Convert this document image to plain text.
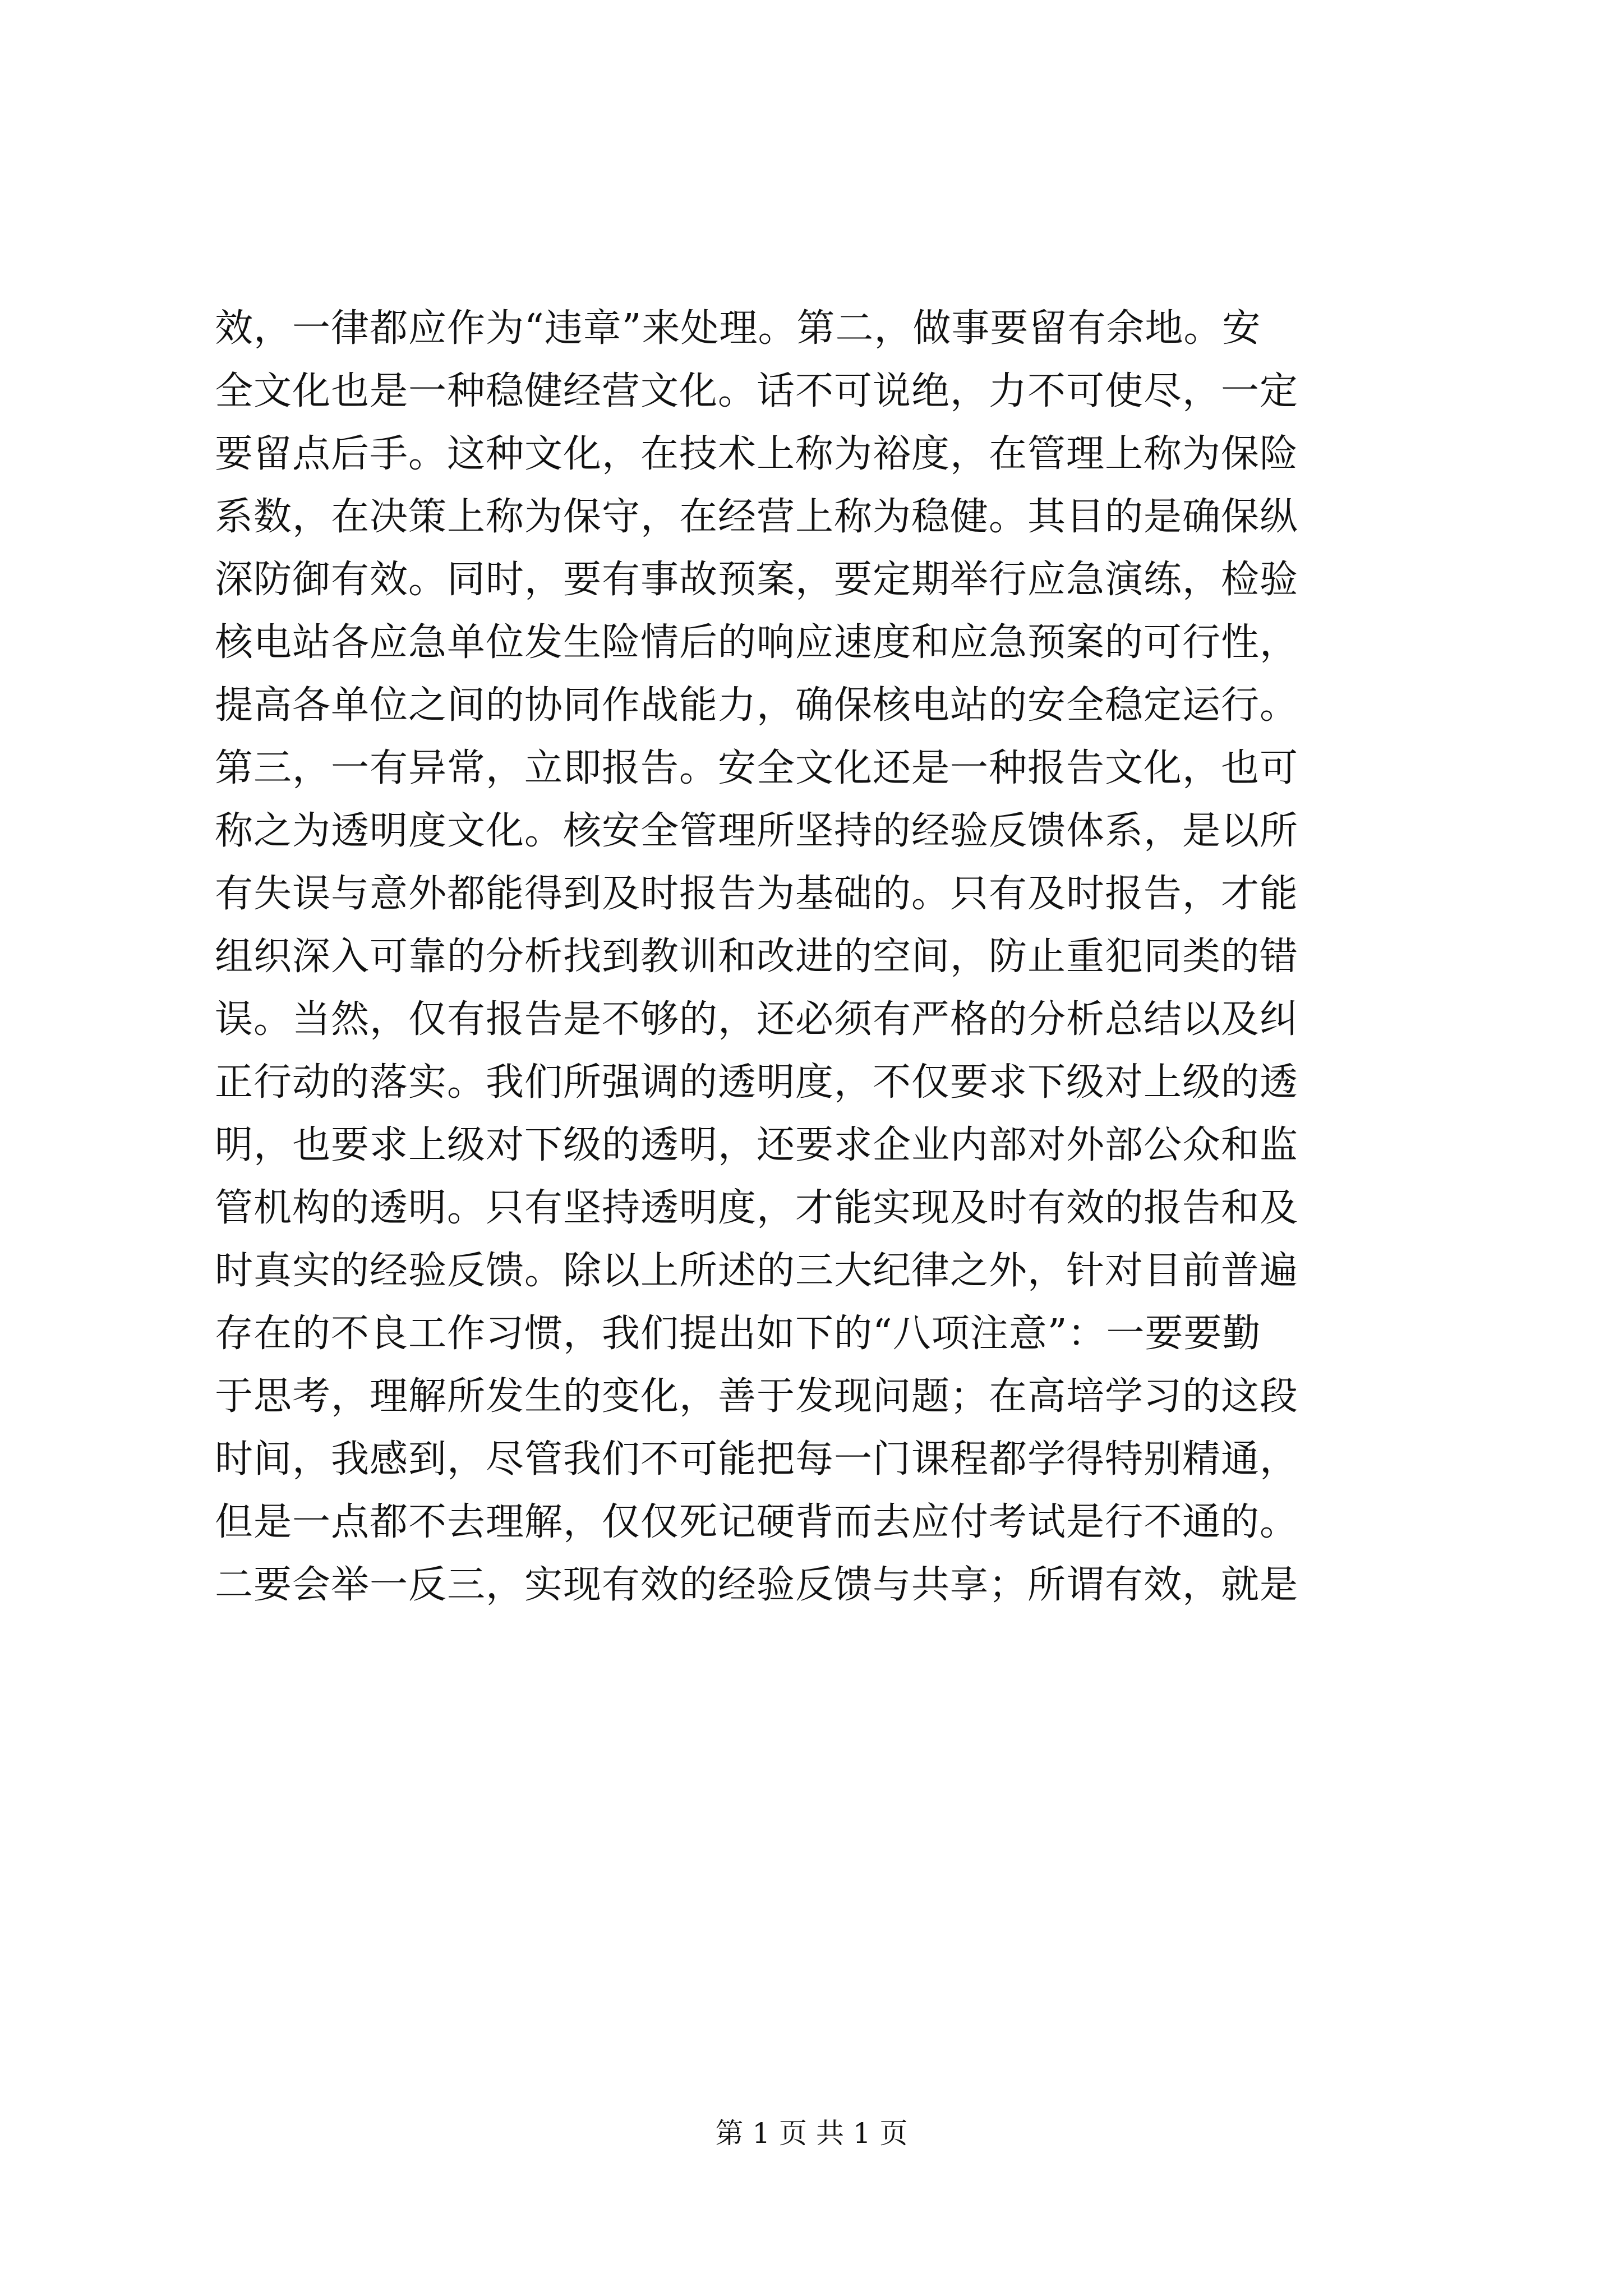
效，一律都应作为“违章”来处理。第二，做事要留有余地。安
全文化也是一种稳健经营文化。话不可说绝，力不可使尽，一定
要留点后手。这种文化，在技术上称为裕度，在管理上称为保险
系数，在决策上称为保守，在经营上称为稳健。其目的是确保纵
深防御有效。同时，要有事故预案，要定期举行应急演练，检验
核电站各应急单位发生险情后的响应速度和应急预案的可行性，
提高各单位之间的协同作战能力，确保核电站的安全稳定运行。
第三，一有异常，立即报告。安全文化还是一种报告文化，也可
称之为透明度文化。核安全管理所坚持的经验反馈体系，是以所
有失误与意外都能得到及时报告为基础的。只有及时报告，才能
组织深入可靠的分析找到教训和改进的空间，防止重犯同类的错
误。当然，仅有报告是不够的，还必须有严格的分析总结以及纠
正行动的落实。我们所强调的透明度，不仅要求下级对上级的透
明，也要求上级对下级的透明，还要求企业内部对外部公众和监
管机构的透明。只有坚持透明度，才能实现及时有效的报告和及
时真实的经验反馈。除以上所述的三大纪律之外，针对目前普遍
存在的不良工作习惯，我们提出如下的“八项注意”：一要要勤
于思考，理解所发生的变化，善于发现问题；在高培学习的这段
时间，我感到，尽管我们不可能把每一门课程都学得特别精通，
但是一点都不去理解，仅仅死记硬背而去应付考试是行不通的。
二要会举一反三，实现有效的经验反馈与共享；所谓有效，就是
第 1 页 共 1 页
